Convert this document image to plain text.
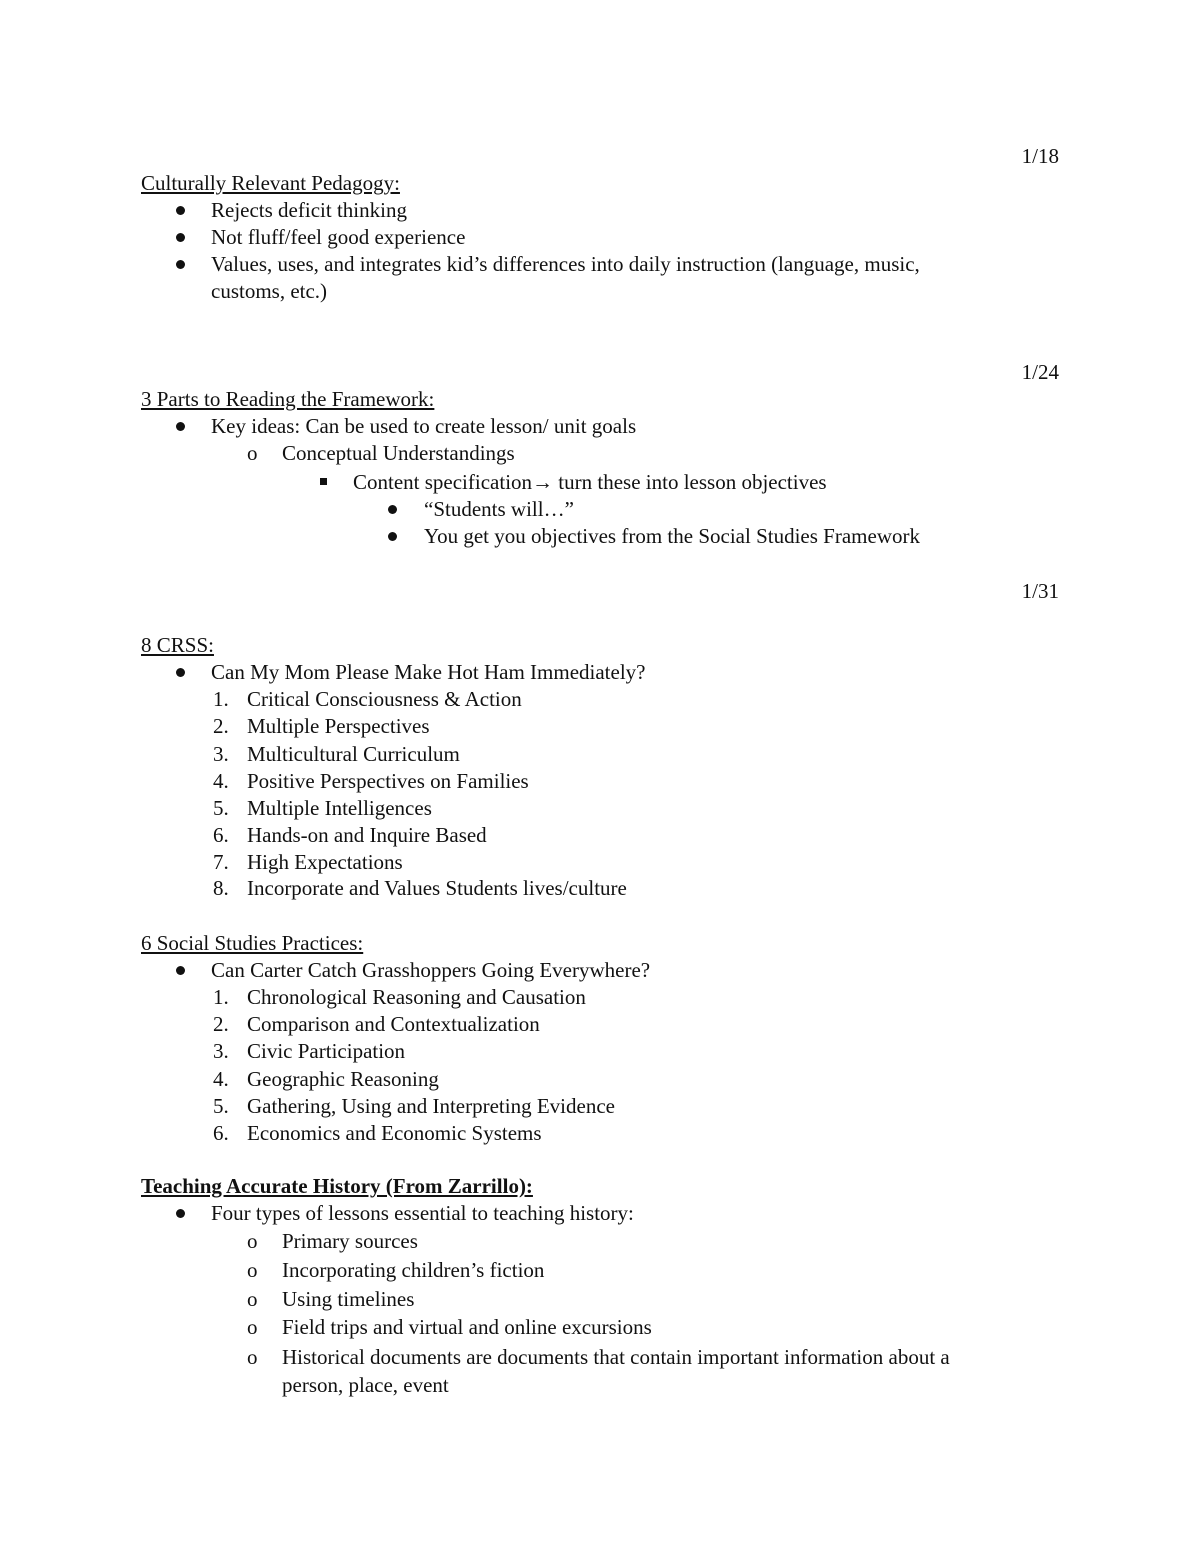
1/18
Culturally Relevant Pedagogy:
Rejects deficit thinking
Not fluff/feel good experience
Values, uses, and integrates kid’s differences into daily instruction (language, music,
customs, etc.)
1/24
3 Parts to Reading the Framework:
Key ideas: Can be used to create lesson/ unit goals
o Conceptual Understandings
Content specification→ turn these into lesson objectives
“Students will…”
You get you objectives from the Social Studies Framework
1/31
8 CRSS:
Can My Mom Please Make Hot Ham Immediately?
1. Critical Consciousness & Action
2. Multiple Perspectives
3. Multicultural Curriculum
4. Positive Perspectives on Families
5. Multiple Intelligences
6. Hands-on and Inquire Based
7. High Expectations
8. Incorporate and Values Students lives/culture
6 Social Studies Practices:
Can Carter Catch Grasshoppers Going Everywhere?
1. Chronological Reasoning and Causation
2. Comparison and Contextualization
3. Civic Participation
4. Geographic Reasoning
5. Gathering, Using and Interpreting Evidence
6. Economics and Economic Systems
Teaching Accurate History (From Zarrillo):
Four types of lessons essential to teaching history:
o Primary sources
o Incorporating children’s fiction
o Using timelines
o Field trips and virtual and online excursions
o Historical documents are documents that contain important information about a
person, place, event
